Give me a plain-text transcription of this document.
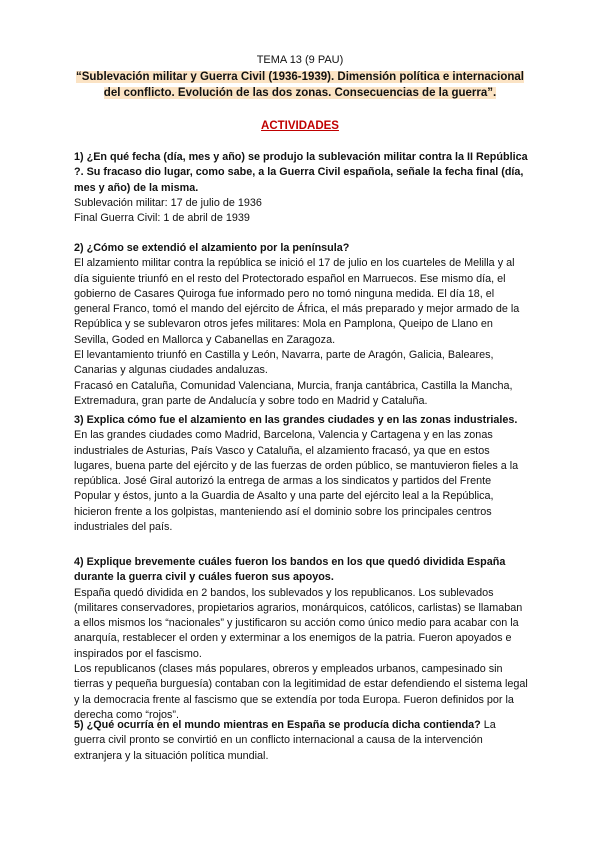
TEMA 13 (9 PAU)
“Sublevación militar y Guerra Civil (1936-1939). Dimensión política e internacional
del conflicto. Evolución de las dos zonas. Consecuencias de la guerra”.
ACTIVIDADES

1) ¿En qué fecha (día, mes y año) se produjo la sublevación militar contra la II República ?. Su fracaso dio lugar, como sabe, a la Guerra Civil española, señale la fecha final (día, mes y año) de la misma.

Sublevación militar: 17 de julio de 1936

Final Guerra Civil: 1 de abril de 1939

2) ¿Cómo se extendió el alzamiento por la península?

El alzamiento militar contra la república se inició el 17 de julio en los cuarteles de Melilla y al día siguiente triunfó en el resto del Protectorado español en Marruecos. Ese mismo día, el gobierno de Casares Quiroga fue informado pero no tomó ninguna medida. El día 18, el general Franco, tomó el mando del ejército de África, el más preparado y mejor armado de la República y se sublevaron otros jefes militares: Mola en Pamplona, Queipo de Llano en Sevilla, Goded en Mallorca y Cabanellas en Zaragoza.

El levantamiento triunfó en Castilla y León, Navarra, parte de Aragón, Galicia, Baleares, Canarias y algunas ciudades andaluzas.

Fracasó en Cataluña, Comunidad Valenciana, Murcia, franja cantábrica, Castilla la Mancha, Extremadura, gran parte de Andalucía y sobre todo en Madrid y Cataluña.

3) Explica cómo fue el alzamiento en las grandes ciudades y en las zonas industriales.

En las grandes ciudades como Madrid, Barcelona, Valencia y Cartagena y en las zonas industriales de Asturias, País Vasco y Cataluña, el alzamiento fracasó, ya que en estos lugares, buena parte del ejército y de las fuerzas de orden público, se mantuvieron fieles a la república. José Giral autorizó la entrega de armas a los sindicatos y partidos del Frente Popular y éstos, junto a la Guardia de Asalto y una parte del ejército leal a la República, hicieron frente a los golpistas, manteniendo así el dominio sobre los principales centros industriales del país.

4) Explique brevemente cuáles fueron los bandos en los que quedó dividida España durante la guerra civil y cuáles fueron sus apoyos.

España quedó dividida en 2 bandos, los sublevados y los republicanos. Los sublevados (militares conservadores, propietarios agrarios, monárquicos, católicos, carlistas) se llamaban a ellos mismos los “nacionales” y justificaron su acción como único medio para acabar con la anarquía, restablecer el orden y exterminar a los enemigos de la patria. Fueron apoyados e inspirados por el fascismo.

Los republicanos (clases más populares, obreros y empleados urbanos, campesinado sin tierras y pequeña burguesía) contaban con la legitimidad de estar defendiendo el sistema legal y la democracia frente al fascismo que se extendía por toda Europa. Fueron definidos por la derecha como “rojos”.

5) ¿Qué ocurría en el mundo mientras en España se producía dicha contienda? La guerra civil pronto se convirtió en un conflicto internacional a causa de la intervención extranjera y la situación política mundial.
